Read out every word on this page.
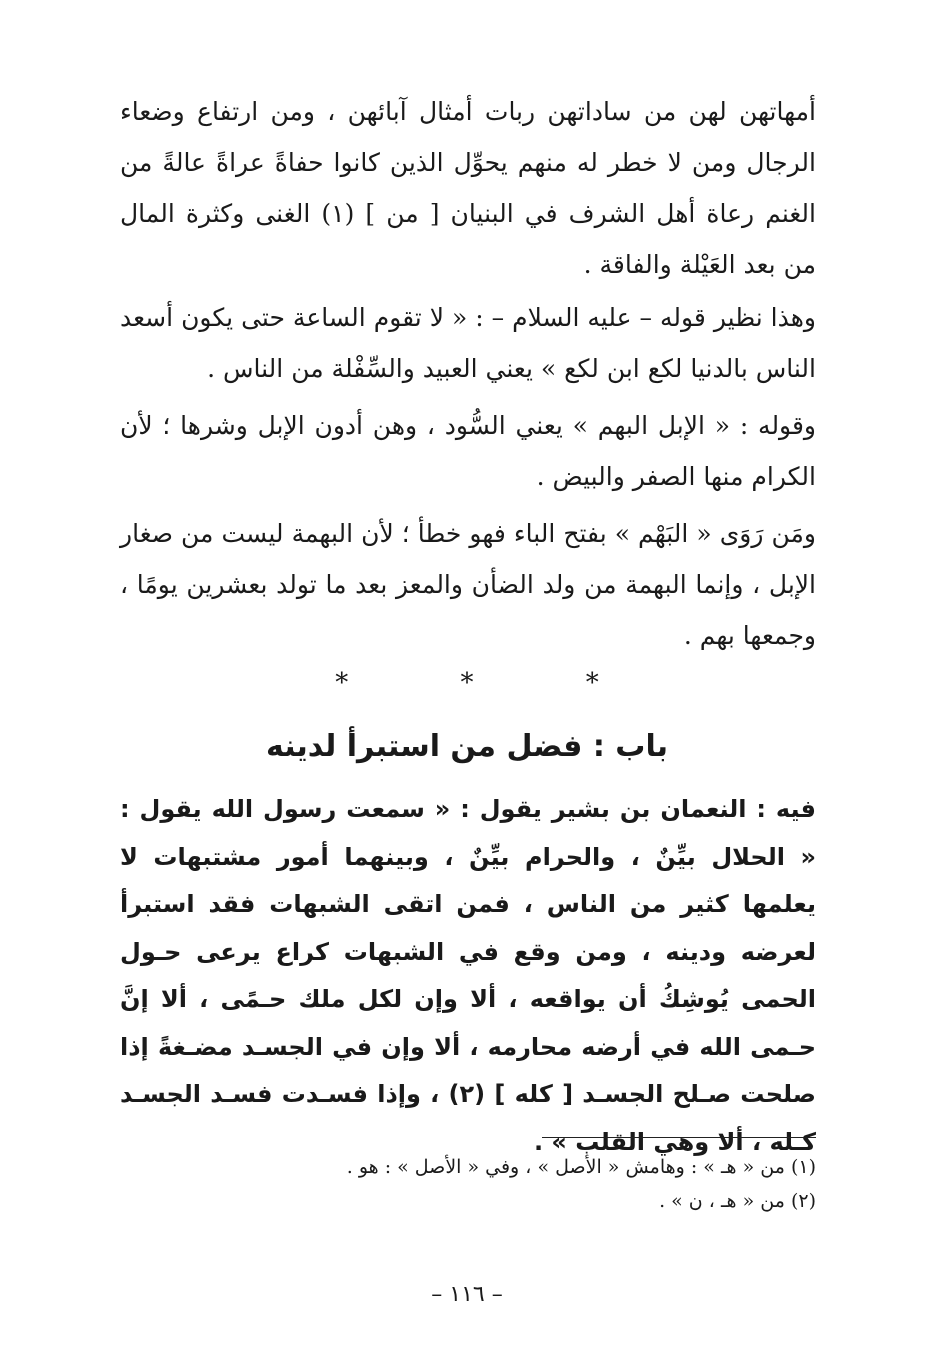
أمهاتهن لهن من ساداتهن ربات أمثال آبائهن ، ومن ارتفاع وضعاء الرجال ومن لا خطر له منهم يحوِّل الذين كانوا حفاةً عراةً عالةً من الغنم رعاة أهل الشرف في البنيان [ من ] (١) الغنى وكثرة المال من بعد العَيْلة والفاقة .
وهذا نظير قوله – عليه السلام – : « لا تقوم الساعة حتى يكون أسعد الناس بالدنيا لكع ابن لكع » يعني العبيد والسِّفْلة من الناس .
وقوله : « الإبل البهم » يعني السُّود ، وهن أدون الإبل وشرها ؛ لأن الكرام منها الصفر والبيض .
ومَن رَوَى « البَهْم » بفتح الباء فهو خطأ ؛ لأن البهمة ليست من صغار الإبل ، وإنما البهمة من ولد الضأن والمعز بعد ما تولد بعشرين يومًا ، وجمعها بهم .
* * *
باب : فضل من استبرأ لدينه
فيه : النعمان بن بشير يقول : « سمعت رسول الله يقول : « الحلال بيِّنٌ ، والحرام بيِّنٌ ، وبينهما أمور مشتبهات لا يعلمها كثير من الناس ، فمن اتقى الشبهات فقد استبرأ لعرضه ودينه ، ومن وقع في الشبهات كراع يرعى حـول الحمى يُوشِكُ أن يواقعه ، ألا وإن لكل ملك حـمًى ، ألا إنَّ حـمى الله في أرضه محارمه ، ألا وإن في الجسـد مضـغةً إذا صلحت صـلح الجسـد [ كله ] (٢) ، وإذا فسـدت فسـد الجسـد كـله ، ألا وهي القلب » .

(١) من « هـ » : وهامش « الأصل » ، وفي « الأصل » : هو .

(٢) من « هـ ، ن » .

– ١١٦ –
